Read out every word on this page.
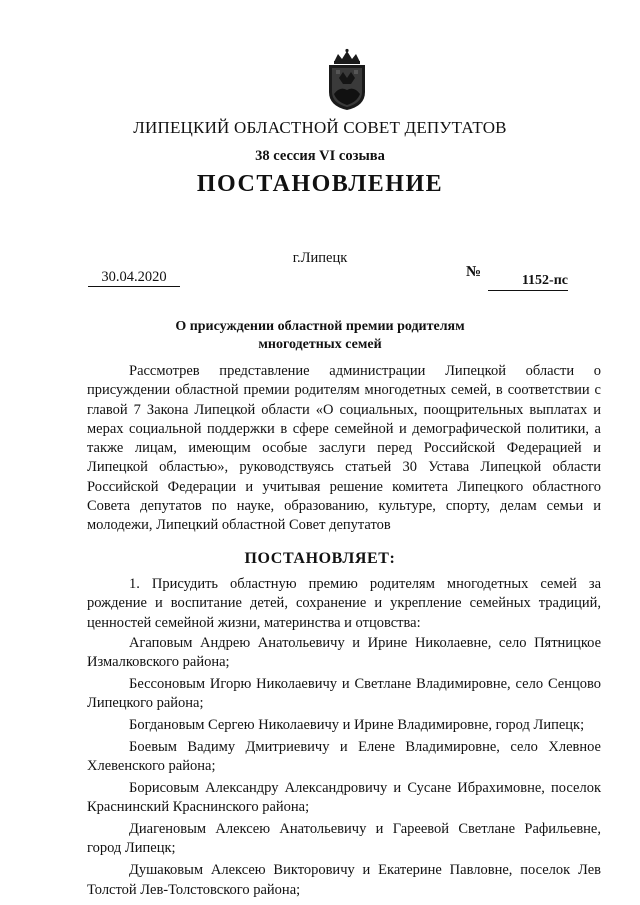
ЛИПЕЦКИЙ ОБЛАСТНОЙ СОВЕТ ДЕПУТАТОВ
38 сессия VI созыва
ПОСТАНОВЛЕНИЕ
г.Липецк
30.04.2020	№
1152-пс
О присуждении областной премии родителям
многодетных семей

Рассмотрев представление администрации Липецкой области о присуждении областной премии родителям многодетных семей, в соответствии с главой 7 Закона Липецкой области «О социальных, поощрительных выплатах и мерах социальной поддержки в сфере семейной и демографической политики, а также лицам, имеющим особые заслуги перед Российской Федерацией и Липецкой областью», руководствуясь статьей 30 Устава Липецкой области Российской Федерации и учитывая решение комитета Липецкого областного Совета депутатов по науке, образованию, культуре, спорту, делам семьи и молодежи, Липецкий областной Совет депутатов

ПОСТАНОВЛЯЕТ:

1. Присудить областную премию родителям многодетных семей за рождение и воспитание детей, сохранение и укрепление семейных традиций, ценностей семейной жизни, материнства и отцовства:

Агаповым Андрею Анатольевичу и Ирине Николаевне, село Пятницкое Измалковского района;
Бессоновым Игорю Николаевичу и Светлане Владимировне, село Сенцово Липецкого района;
Богдановым Сергею Николаевичу и Ирине Владимировне, город Липецк;
Боевым Вадиму Дмитриевичу и Елене Владимировне, село Хлевное Хлевенского района;
Борисовым Александру Александровичу и Сусане Ибрахимовне, поселок Краснинский Краснинского района;
Диагеновым Алексею Анатольевичу и Гареевой Светлане Рафильевне, город Липецк;
Душаковым Алексею Викторовичу и Екатерине Павловне, поселок Лев Толстой Лев-Толстовского района;
